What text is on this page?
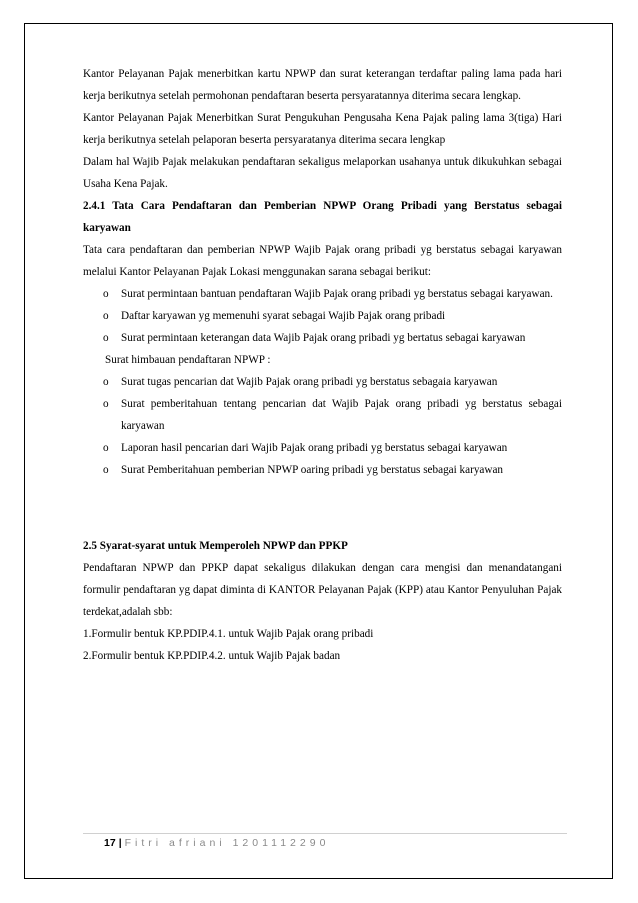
Kantor Pelayanan Pajak menerbitkan kartu NPWP dan surat keterangan terdaftar paling lama pada hari kerja berikutnya setelah permohonan pendaftaran beserta persyaratannya diterima secara lengkap.

Kantor Pelayanan Pajak Menerbitkan Surat Pengukuhan Pengusaha Kena Pajak paling lama 3(tiga) Hari kerja berikutnya setelah pelaporan beserta persyaratanya diterima secara lengkap

Dalam hal Wajib Pajak melakukan pendaftaran sekaligus melaporkan usahanya untuk dikukuhkan sebagai Usaha Kena Pajak.

2.4.1 Tata Cara Pendaftaran dan Pemberian NPWP Orang Pribadi yang Berstatus sebagai karyawan

Tata cara pendaftaran dan pemberian NPWP Wajib Pajak orang pribadi yg berstatus sebagai karyawan melalui Kantor Pelayanan Pajak Lokasi menggunakan sarana sebagai berikut:

o Surat permintaan bantuan pendaftaran Wajib Pajak orang pribadi yg berstatus sebagai karyawan.
o Daftar karyawan yg memenuhi syarat sebagai Wajib Pajak orang pribadi
o Surat permintaan keterangan data Wajib Pajak orang pribadi yg bertatus sebagai karyawan

Surat himbauan pendaftaran NPWP :

o Surat tugas pencarian dat Wajib Pajak orang pribadi yg berstatus sebagaia karyawan
o Surat pemberitahuan tentang pencarian dat Wajib Pajak orang pribadi yg berstatus sebagai karyawan
o Laporan hasil pencarian dari Wajib Pajak orang pribadi yg berstatus sebagai karyawan
o Surat Pemberitahuan pemberian NPWP oaring pribadi yg berstatus sebagai karyawan

2.5 Syarat-syarat untuk Memperoleh NPWP dan PPKP

Pendaftaran NPWP dan PPKP dapat sekaligus dilakukan dengan cara mengisi dan menandatangani formulir pendaftaran yg dapat diminta di KANTOR Pelayanan Pajak (KPP) atau Kantor Penyuluhan Pajak terdekat,adalah sbb:

1.Formulir bentuk KP.PDIP.4.1. untuk Wajib Pajak orang pribadi

2.Formulir bentuk KP.PDIP.4.2. untuk Wajib Pajak badan

17 | Fitri afriani 1201112290
